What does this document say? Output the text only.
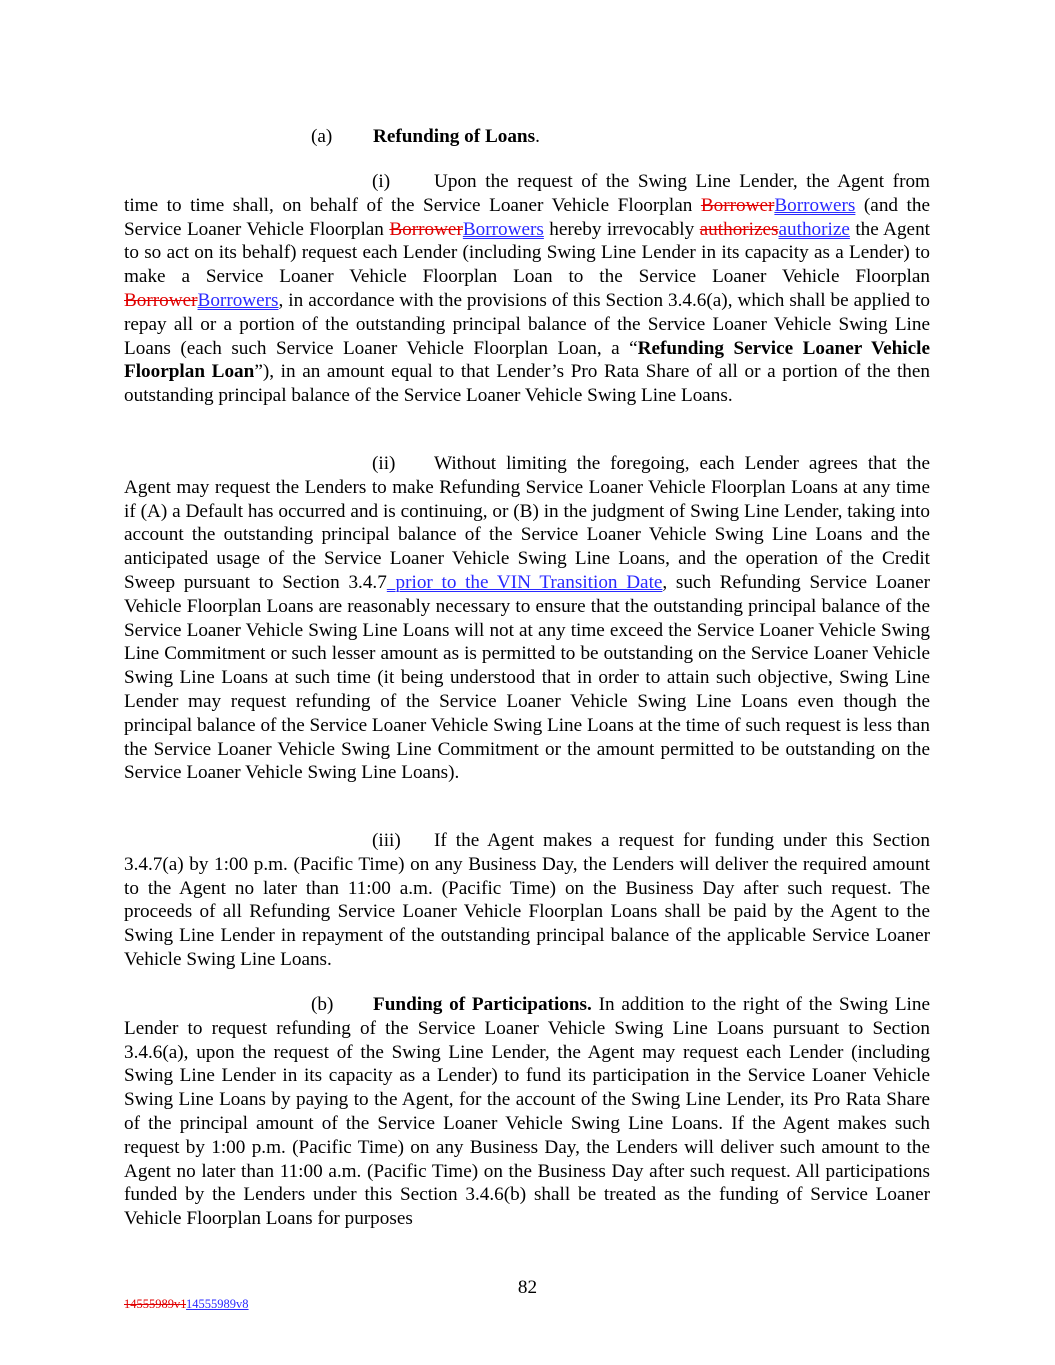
(a) Refunding of Loans.
(i) Upon the request of the Swing Line Lender, the Agent from time to time shall, on behalf of the Service Loaner Vehicle Floorplan BorrowerBorrowers (and the Service Loaner Vehicle Floorplan BorrowerBorrowers hereby irrevocably authorizesauthorize the Agent to so act on its behalf) request each Lender (including Swing Line Lender in its capacity as a Lender) to make a Service Loaner Vehicle Floorplan Loan to the Service Loaner Vehicle Floorplan BorrowerBorrowers, in accordance with the provisions of this Section 3.4.6(a), which shall be applied to repay all or a portion of the outstanding principal balance of the Service Loaner Vehicle Swing Line Loans (each such Service Loaner Vehicle Floorplan Loan, a “Refunding Service Loaner Vehicle Floorplan Loan”), in an amount equal to that Lender’s Pro Rata Share of all or a portion of the then outstanding principal balance of the Service Loaner Vehicle Swing Line Loans.
(ii) Without limiting the foregoing, each Lender agrees that the Agent may request the Lenders to make Refunding Service Loaner Vehicle Floorplan Loans at any time if (A) a Default has occurred and is continuing, or (B) in the judgment of Swing Line Lender, taking into account the outstanding principal balance of the Service Loaner Vehicle Swing Line Loans and the anticipated usage of the Service Loaner Vehicle Swing Line Loans, and the operation of the Credit Sweep pursuant to Section 3.4.7 prior to the VIN Transition Date, such Refunding Service Loaner Vehicle Floorplan Loans are reasonably necessary to ensure that the outstanding principal balance of the Service Loaner Vehicle Swing Line Loans will not at any time exceed the Service Loaner Vehicle Swing Line Commitment or such lesser amount as is permitted to be outstanding on the Service Loaner Vehicle Swing Line Loans at such time (it being understood that in order to attain such objective, Swing Line Lender may request refunding of the Service Loaner Vehicle Swing Line Loans even though the principal balance of the Service Loaner Vehicle Swing Line Loans at the time of such request is less than the Service Loaner Vehicle Swing Line Commitment or the amount permitted to be outstanding on the Service Loaner Vehicle Swing Line Loans).
(iii) If the Agent makes a request for funding under this Section 3.4.7(a) by 1:00 p.m. (Pacific Time) on any Business Day, the Lenders will deliver the required amount to the Agent no later than 11:00 a.m. (Pacific Time) on the Business Day after such request. The proceeds of all Refunding Service Loaner Vehicle Floorplan Loans shall be paid by the Agent to the Swing Line Lender in repayment of the outstanding principal balance of the applicable Service Loaner Vehicle Swing Line Loans.
(b) Funding of Participations. In addition to the right of the Swing Line Lender to request refunding of the Service Loaner Vehicle Swing Line Loans pursuant to Section 3.4.6(a), upon the request of the Swing Line Lender, the Agent may request each Lender (including Swing Line Lender in its capacity as a Lender) to fund its participation in the Service Loaner Vehicle Swing Line Loans by paying to the Agent, for the account of the Swing Line Lender, its Pro Rata Share of the principal amount of the Service Loaner Vehicle Swing Line Loans. If the Agent makes such request by 1:00 p.m. (Pacific Time) on any Business Day, the Lenders will deliver such amount to the Agent no later than 11:00 a.m. (Pacific Time) on the Business Day after such request. All participations funded by the Lenders under this Section 3.4.6(b) shall be treated as the funding of Service Loaner Vehicle Floorplan Loans for purposes
82
14555989v114555989v8
